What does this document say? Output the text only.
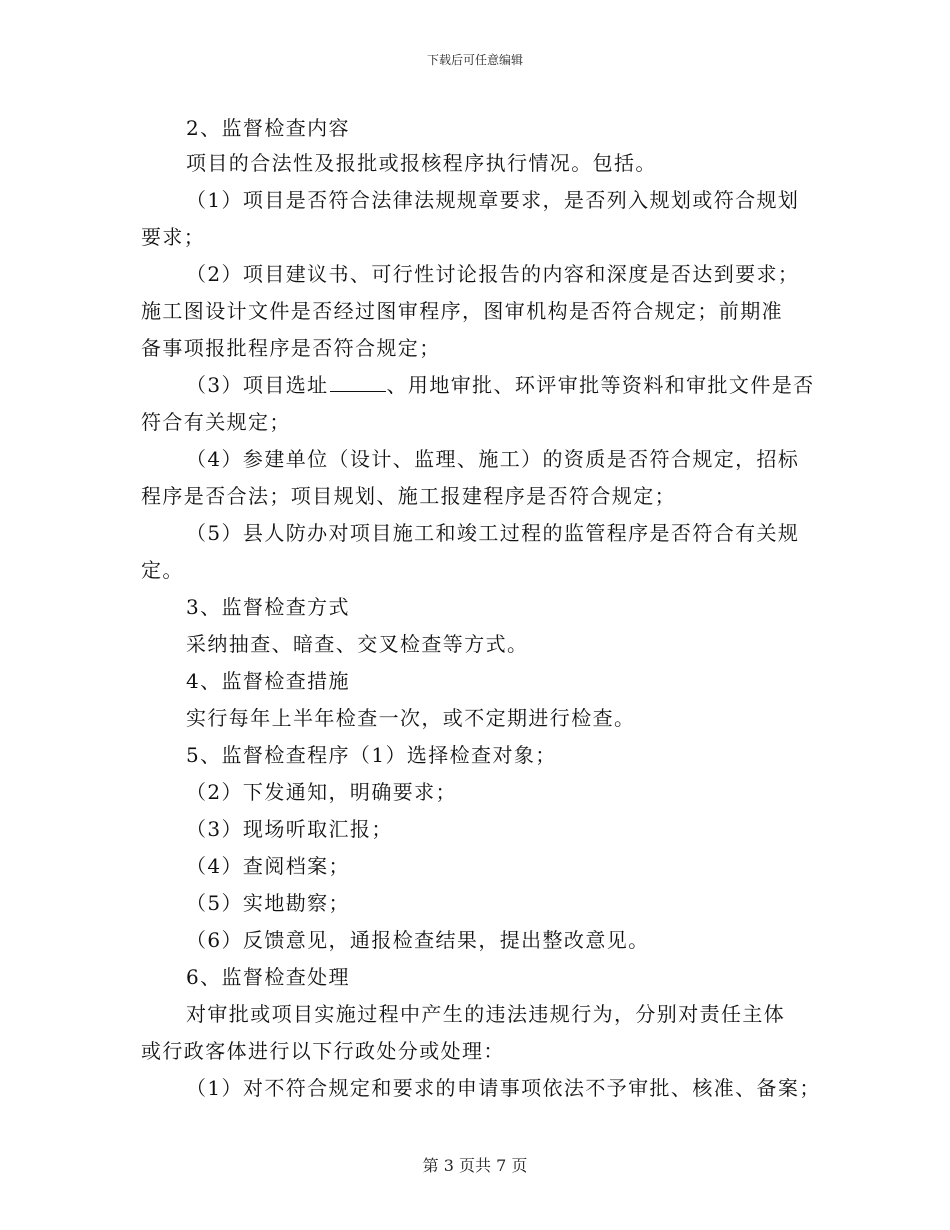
下载后可任意编辑
2、监督检查内容
项目的合法性及报批或报核程序执行情况。包括。
（1）项目是否符合法律法规规章要求，是否列入规划或符合规划
要求；
（2）项目建议书、可行性讨论报告的内容和深度是否达到要求；
施工图设计文件是否经过图审程序，图审机构是否符合规定；前期准
备事项报批程序是否符合规定；
（3）项目选址	、用地审批、环评审批等资料和审批文件是否
符合有关规定；
（4）参建单位（设计、监理、施工）的资质是否符合规定，招标
程序是否合法；项目规划、施工报建程序是否符合规定；
（5）县人防办对项目施工和竣工过程的监管程序是否符合有关规
定。
3、监督检查方式
采纳抽查、暗查、交叉检查等方式。
4、监督检查措施
实行每年上半年检查一次，或不定期进行检查。
5、监督检查程序（1）选择检查对象；
（2）下发通知，明确要求；
（3）现场听取汇报；
（4）查阅档案；
（5）实地勘察；
（6）反馈意见，通报检查结果，提出整改意见。
6、监督检查处理
对审批或项目实施过程中产生的违法违规行为，分别对责任主体
或行政客体进行以下行政处分或处理：
（1）对不符合规定和要求的申请事项依法不予审批、核准、备案；
第 3 页共 7 页
